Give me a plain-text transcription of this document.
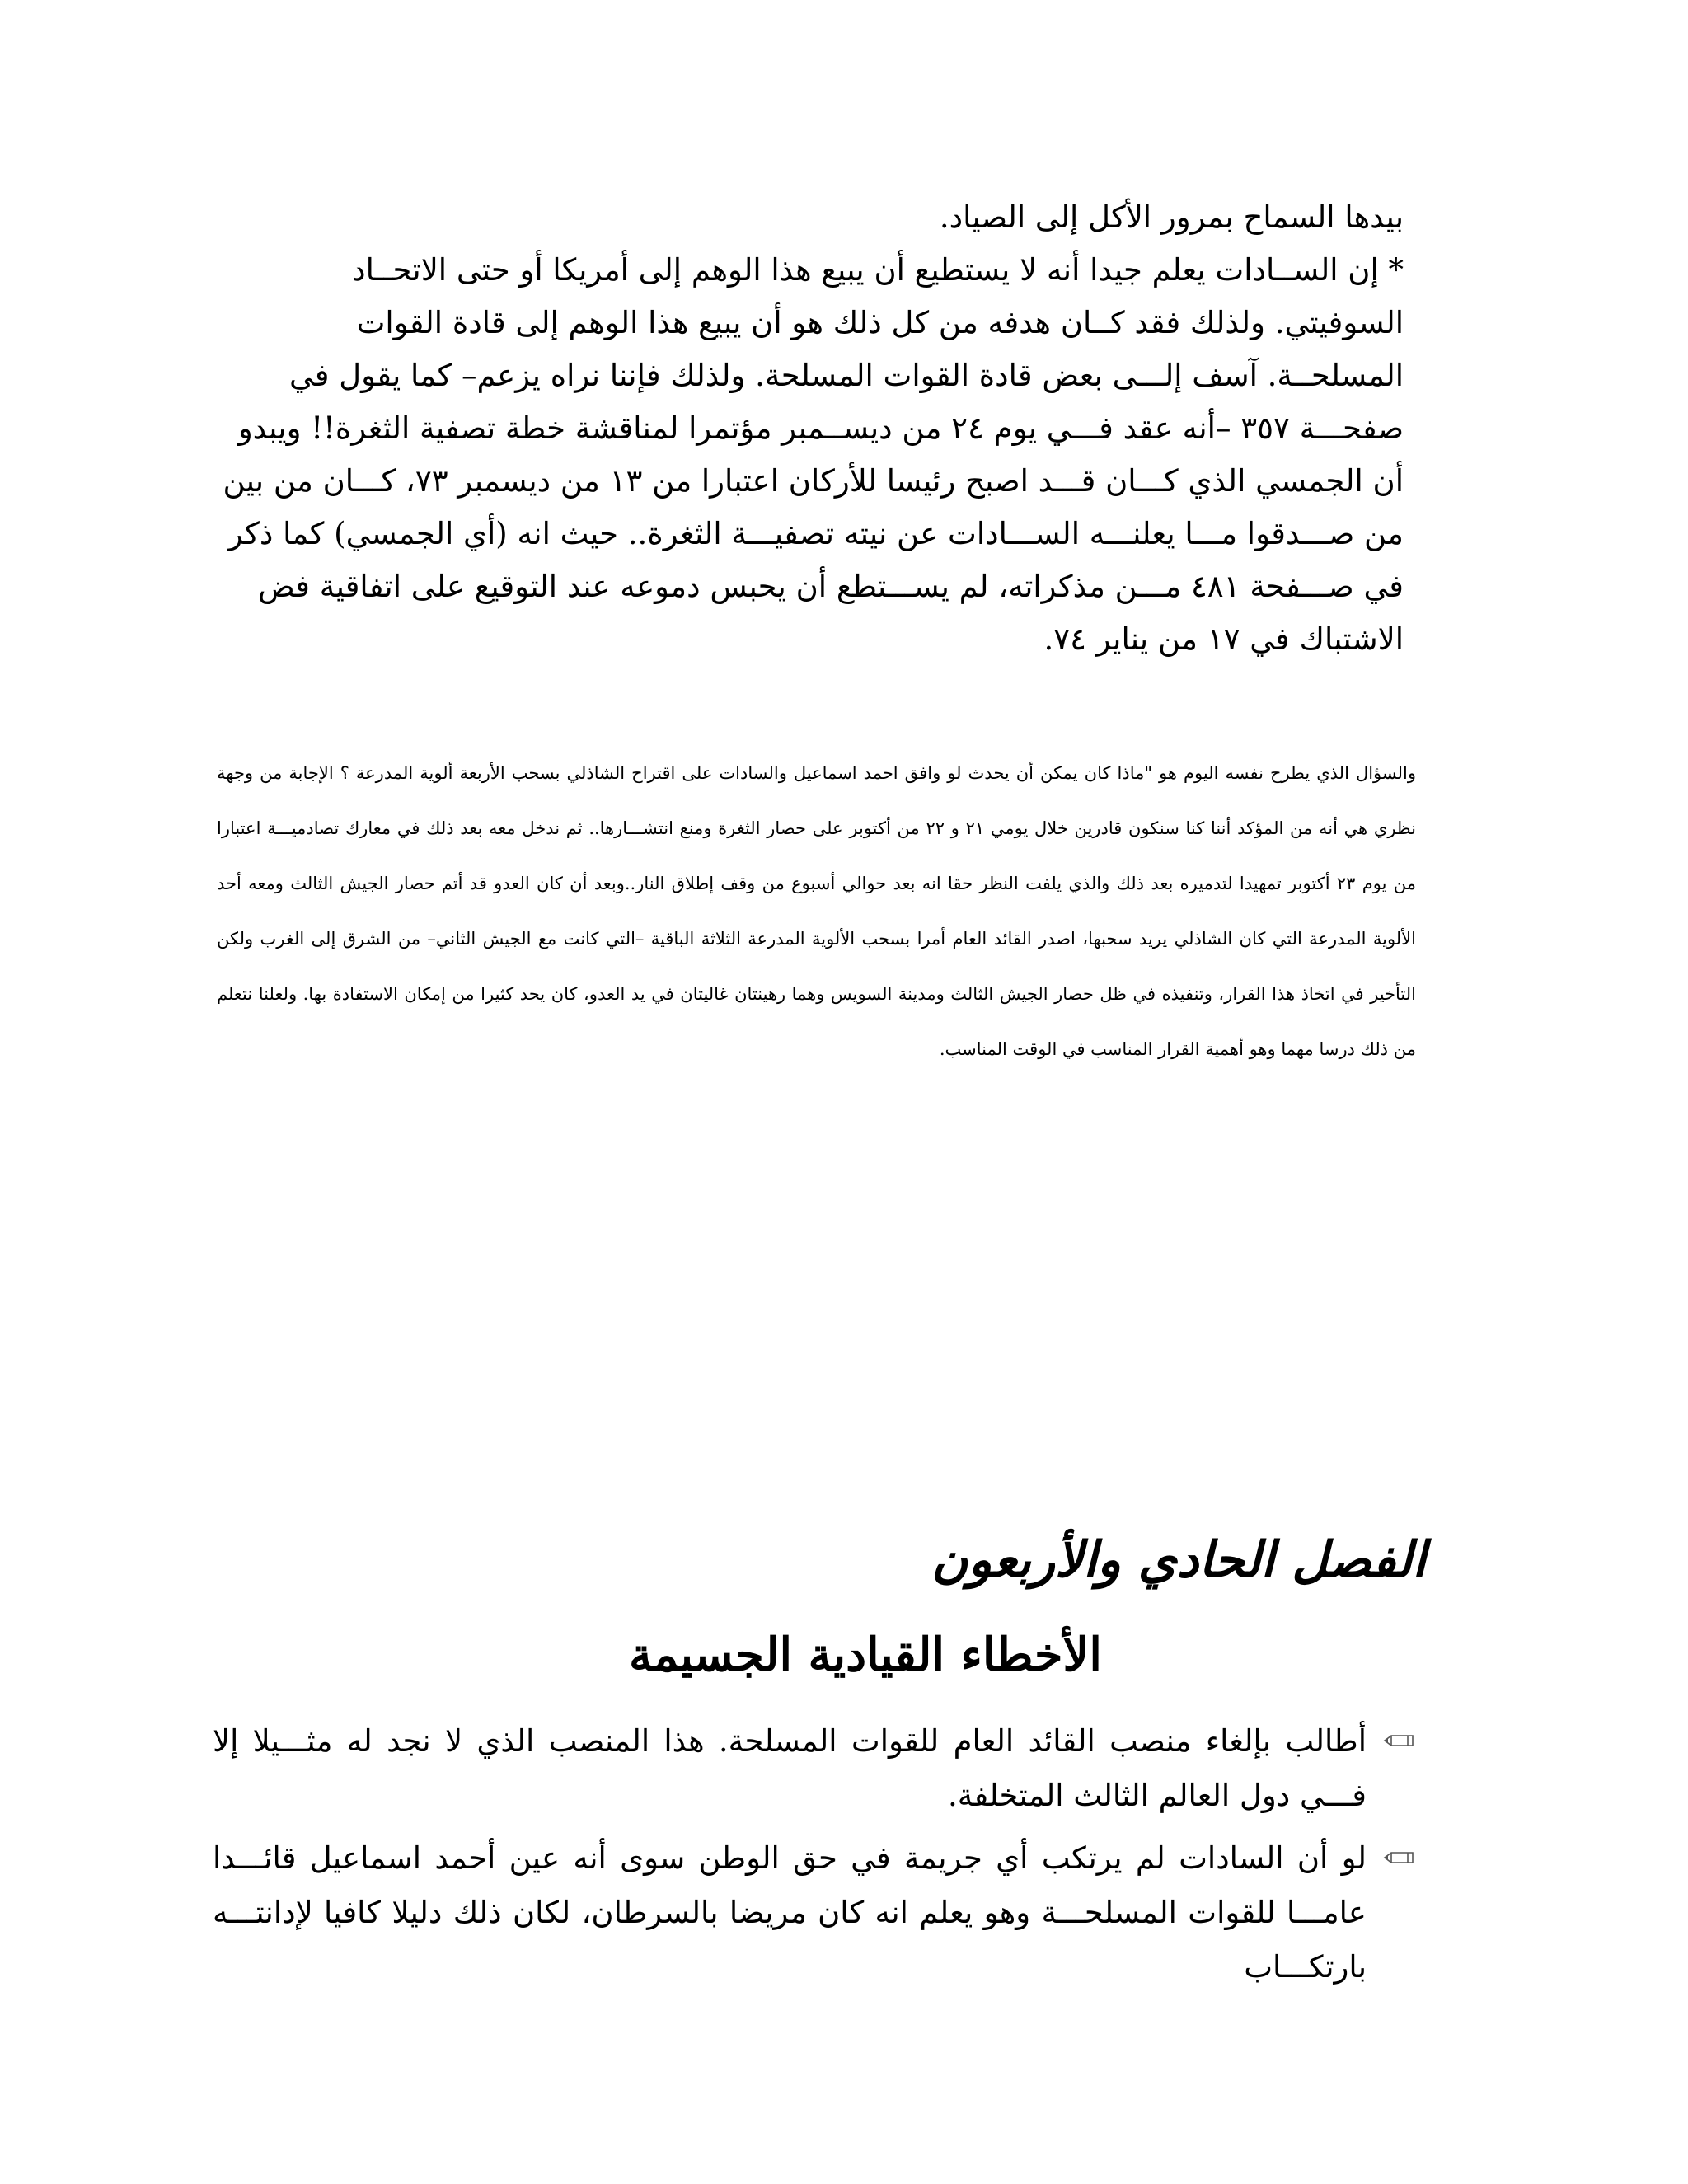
بيدها السماح بمرور الأكل إلى الصياد.

* إن الســادات يعلم جيدا أنه لا يستطيع أن يبيع هذا الوهم إلى أمريكا أو حتى الاتحــاد السوفيتي. ولذلك فقد كــان هدفه من كل ذلك هو أن يبيع هذا الوهم إلى قادة القوات المسلحــة. آسف إلـــى بعض قادة القوات المسلحة. ولذلك فإننا نراه يزعم– كما يقول في صفحـــة ٣٥٧ –أنه عقد فـــي يوم ٢٤ من ديســمبر مؤتمرا لمناقشة خطة تصفية الثغرة!! ويبدو أن الجمسي الذي كـــان قـــد اصبح رئيسا للأركان اعتبارا من ١٣ من ديسمبر ٧٣، كـــان من بين من صـــدقوا مـــا يعلنـــه الســـادات عن نيته تصفيـــة الثغرة.. حيث انه (أي الجمسي) كما ذكر في صـــفحة ٤٨١ مـــن مذكراته، لم يســـتطع أن يحبس دموعه عند التوقيع على اتفاقية فض الاشتباك في ١٧ من يناير ٧٤.

والسؤال الذي يطرح نفسه اليوم هو "ماذا كان يمكن أن يحدث لو وافق احمد اسماعيل والسادات على اقتراح الشاذلي بسحب الأربعة ألوية المدرعة ؟ الإجابة من وجهة نظري هي أنه من المؤكد أننا كنا سنكون قادرين خلال يومي ٢١ و ٢٢ من أكتوبر على حصار الثغرة ومنع انتشـــارها.. ثم ندخل معه بعد ذلك في معارك تصادميـــة اعتبارا من يوم ٢٣ أكتوبر تمهيدا لتدميره بعد ذلك والذي يلفت النظر حقا انه بعد حوالي أسبوع من وقف إطلاق النار..وبعد أن كان العدو قد أتم حصار الجيش الثالث ومعه أحد الألوية المدرعة التي كان الشاذلي يريد سحبها، اصدر القائد العام أمرا بسحب الألوية المدرعة الثلاثة الباقية –التي كانت مع الجيش الثاني– من الشرق إلى الغرب ولكن التأخير في اتخاذ هذا القرار، وتنفيذه في ظل حصار الجيش الثالث ومدينة السويس وهما رهينتان غاليتان في يد العدو، كان يحد كثيرا من إمكان الاستفادة بها. ولعلنا نتعلم من ذلك درسا مهما وهو أهمية القرار المناسب في الوقت المناسب.
الفصل الحادي والأربعون
الأخطاء القيادية الجسيمة

أطالب بإلغاء منصب القائد العام للقوات المسلحة. هذا المنصب الذي لا نجد له مثـــيلا إلا فـــي دول العالم الثالث المتخلفة.

لو أن السادات لم يرتكب أي جريمة في حق الوطن سوى أنه عين أحمد اسماعيل قائـــدا عامـــا للقوات المسلحـــة وهو يعلم انه كان مريضا بالسرطان، لكان ذلك دليلا كافيا لإدانتـــه بارتكـــاب
